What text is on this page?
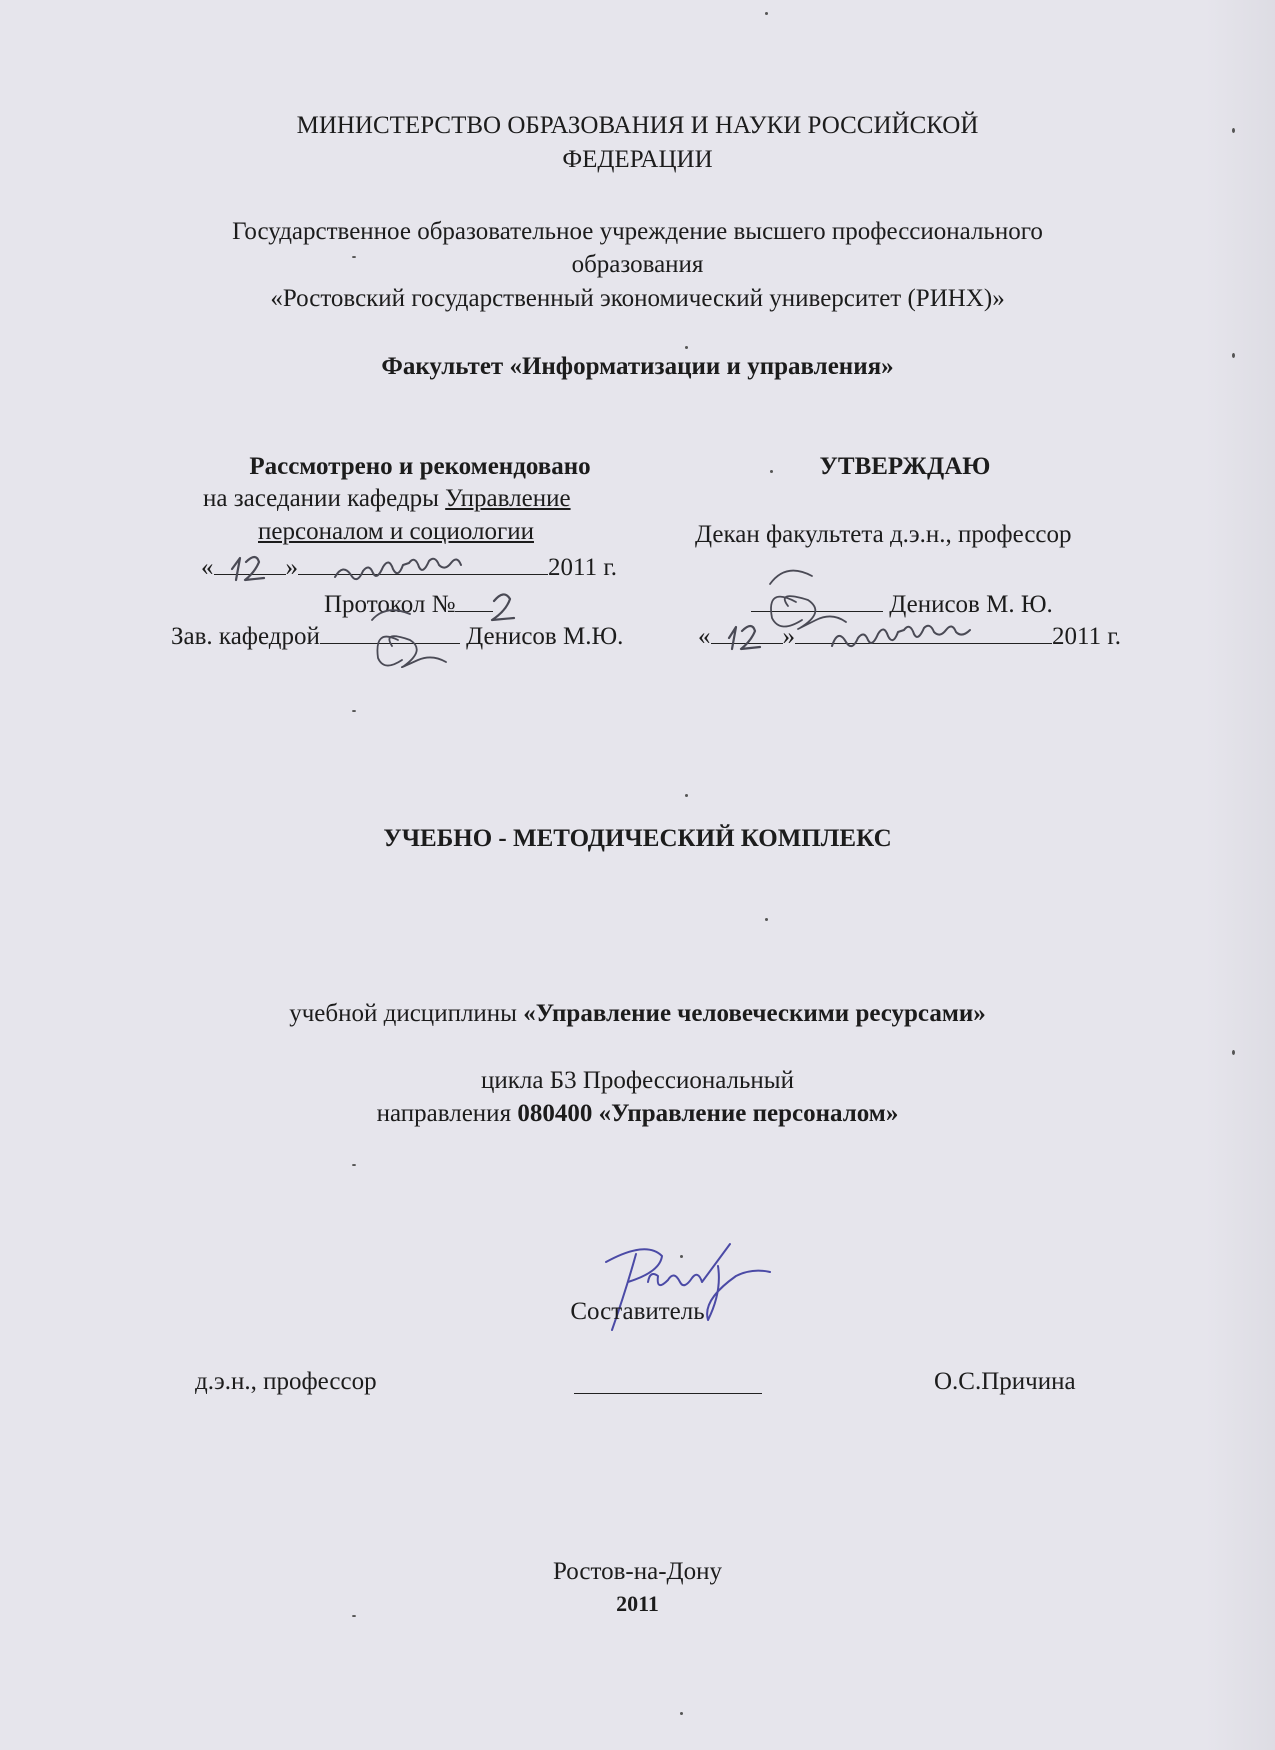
МИНИСТЕРСТВО ОБРАЗОВАНИЯ И НАУКИ РОССИЙСКОЙ
ФЕДЕРАЦИИ
Государственное образовательное учреждение высшего профессионального
образования
«Ростовский государственный экономический университет (РИНХ)»
Факультет «Информатизации и управления»
Рассмотрено и рекомендовано
на заседании кафедры Управление
персоналом и социологии
«	»	2011 г.
Протокол №
Зав. кафедрой	Денисов М.Ю.
УТВЕРЖДАЮ
Декан факультета д.э.н., профессор
Денисов М. Ю.
«	»	2011 г.
УЧЕБНО - МЕТОДИЧЕСКИЙ КОМПЛЕКС
учебной дисциплины «Управление человеческими ресурсами»
цикла Б3 Профессиональный
направления 080400 «Управление персоналом»
Составитель
д.э.н., профессор	О.С.Причина
Ростов-на-Дону
2011
